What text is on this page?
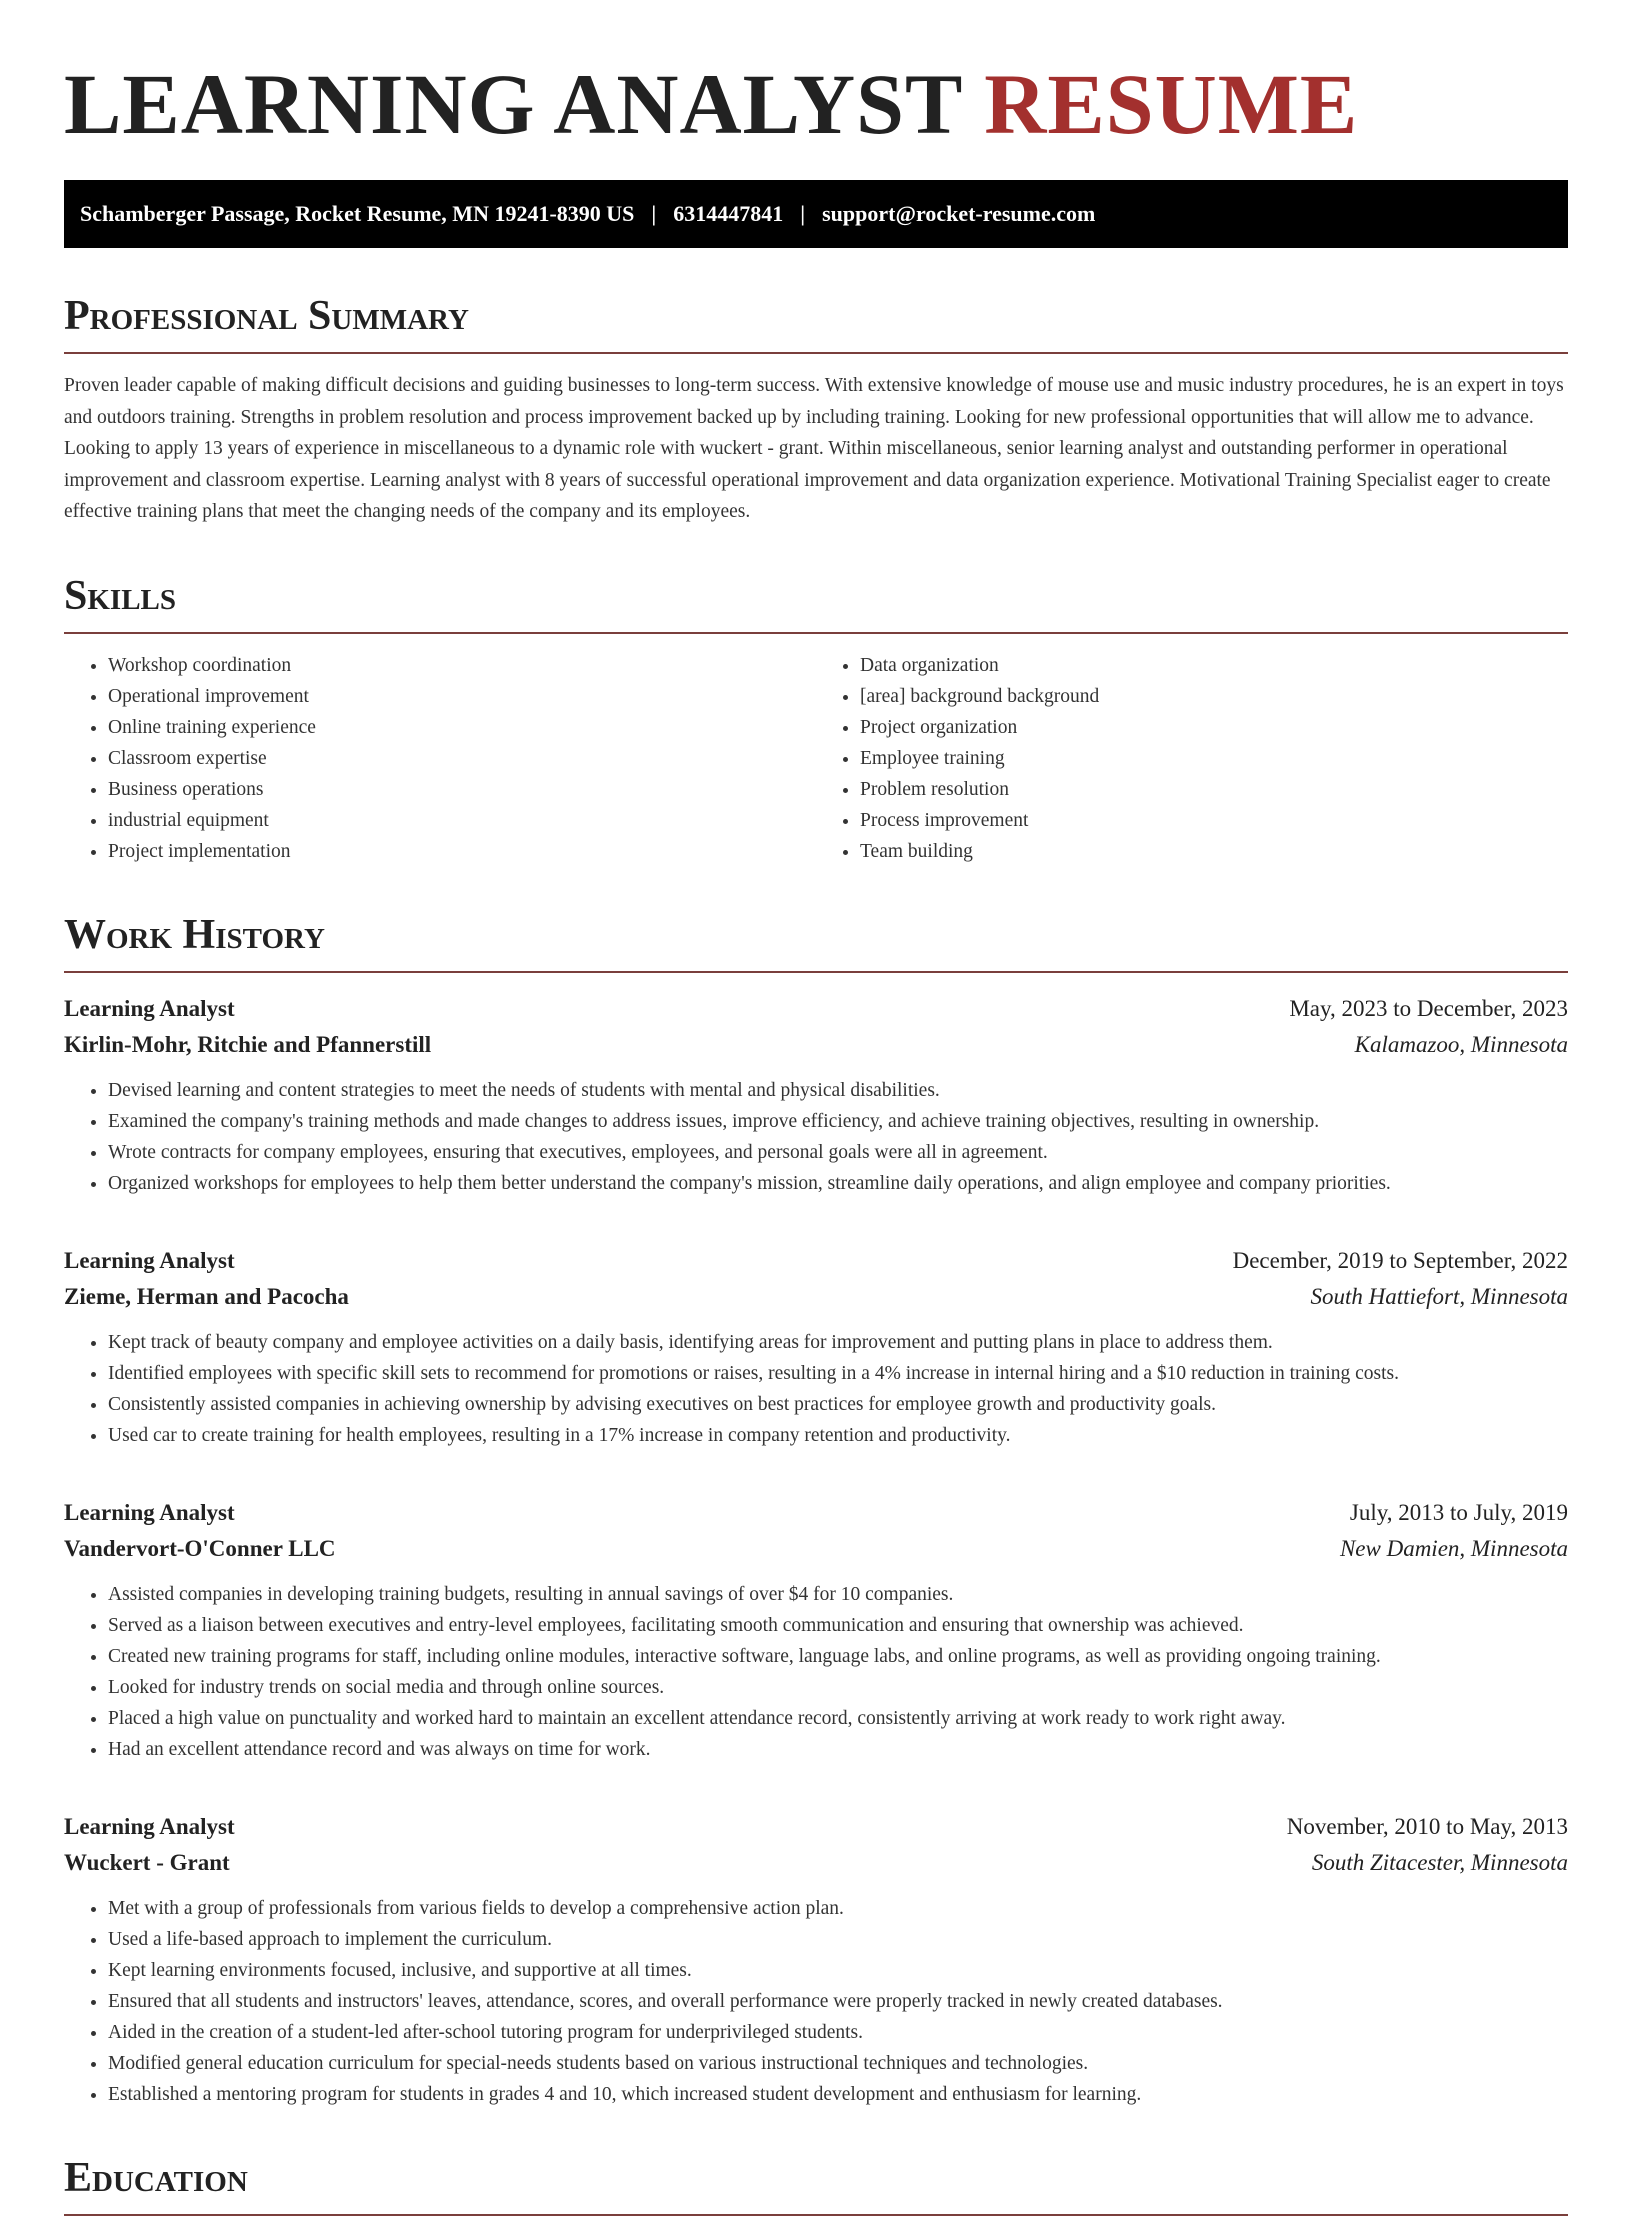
LEARNING ANALYST RESUME
Schamberger Passage, Rocket Resume, MN 19241-8390 US | 6314447841 | support@rocket-resume.com
Professional Summary

Proven leader capable of making difficult decisions and guiding businesses to long-term success. With extensive knowledge of mouse use and music industry procedures, he is an expert in toys and outdoors training. Strengths in problem resolution and process improvement backed up by including training. Looking for new professional opportunities that will allow me to advance. Looking to apply 13 years of experience in miscellaneous to a dynamic role with wuckert - grant. Within miscellaneous, senior learning analyst and outstanding performer in operational improvement and classroom expertise. Learning analyst with 8 years of successful operational improvement and data organization experience. Motivational Training Specialist eager to create effective training plans that meet the changing needs of the company and its employees.

Skills
• Workshop coordination
• Operational improvement
• Online training experience
• Classroom expertise
• Business operations
• industrial equipment
• Project implementation
• Data organization
• [area] background background
• Project organization
• Employee training
• Problem resolution
• Process improvement
• Team building
Work History
Learning Analyst	May, 2023 to December, 2023
Kirlin-Mohr, Ritchie and Pfannerstill	Kalamazoo, Minnesota
• Devised learning and content strategies to meet the needs of students with mental and physical disabilities.
• Examined the company's training methods and made changes to address issues, improve efficiency, and achieve training objectives, resulting in ownership.
• Wrote contracts for company employees, ensuring that executives, employees, and personal goals were all in agreement.
• Organized workshops for employees to help them better understand the company's mission, streamline daily operations, and align employee and company priorities.
Learning Analyst	December, 2019 to September, 2022
Zieme, Herman and Pacocha	South Hattiefort, Minnesota
• Kept track of beauty company and employee activities on a daily basis, identifying areas for improvement and putting plans in place to address them.
• Identified employees with specific skill sets to recommend for promotions or raises, resulting in a 4% increase in internal hiring and a $10 reduction in training costs.
• Consistently assisted companies in achieving ownership by advising executives on best practices for employee growth and productivity goals.
• Used car to create training for health employees, resulting in a 17% increase in company retention and productivity.
Learning Analyst	July, 2013 to July, 2019
Vandervort-O'Conner LLC	New Damien, Minnesota
• Assisted companies in developing training budgets, resulting in annual savings of over $4 for 10 companies.
• Served as a liaison between executives and entry-level employees, facilitating smooth communication and ensuring that ownership was achieved.
• Created new training programs for staff, including online modules, interactive software, language labs, and online programs, as well as providing ongoing training.
• Looked for industry trends on social media and through online sources.
• Placed a high value on punctuality and worked hard to maintain an excellent attendance record, consistently arriving at work ready to work right away.
• Had an excellent attendance record and was always on time for work.
Learning Analyst	November, 2010 to May, 2013
Wuckert - Grant	South Zitacester, Minnesota
• Met with a group of professionals from various fields to develop a comprehensive action plan.
• Used a life-based approach to implement the curriculum.
• Kept learning environments focused, inclusive, and supportive at all times.
• Ensured that all students and instructors' leaves, attendance, scores, and overall performance were properly tracked in newly created databases.
• Aided in the creation of a student-led after-school tutoring program for underprivileged students.
• Modified general education curriculum for special-needs students based on various instructional techniques and technologies.
• Established a mentoring program for students in grades 4 and 10, which increased student development and enthusiasm for learning.
Education
